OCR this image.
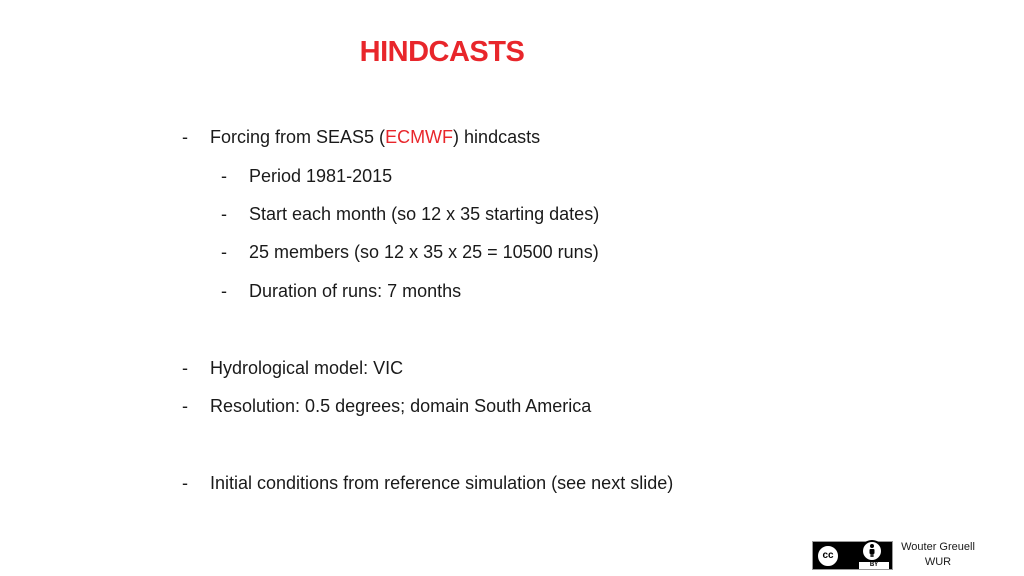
HINDCASTS
- Forcing from SEAS5 (ECMWF) hindcasts
- Period 1981-2015
- Start each month (so 12 x 35 starting dates)
- 25 members (so 12 x 35 x 25 = 10500 runs)
- Duration of runs: 7 months
- Hydrological model: VIC
- Resolution: 0.5 degrees; domain South America
- Initial conditions from reference simulation (see next slide)
cc
BY
Wouter Greuell
WUR
